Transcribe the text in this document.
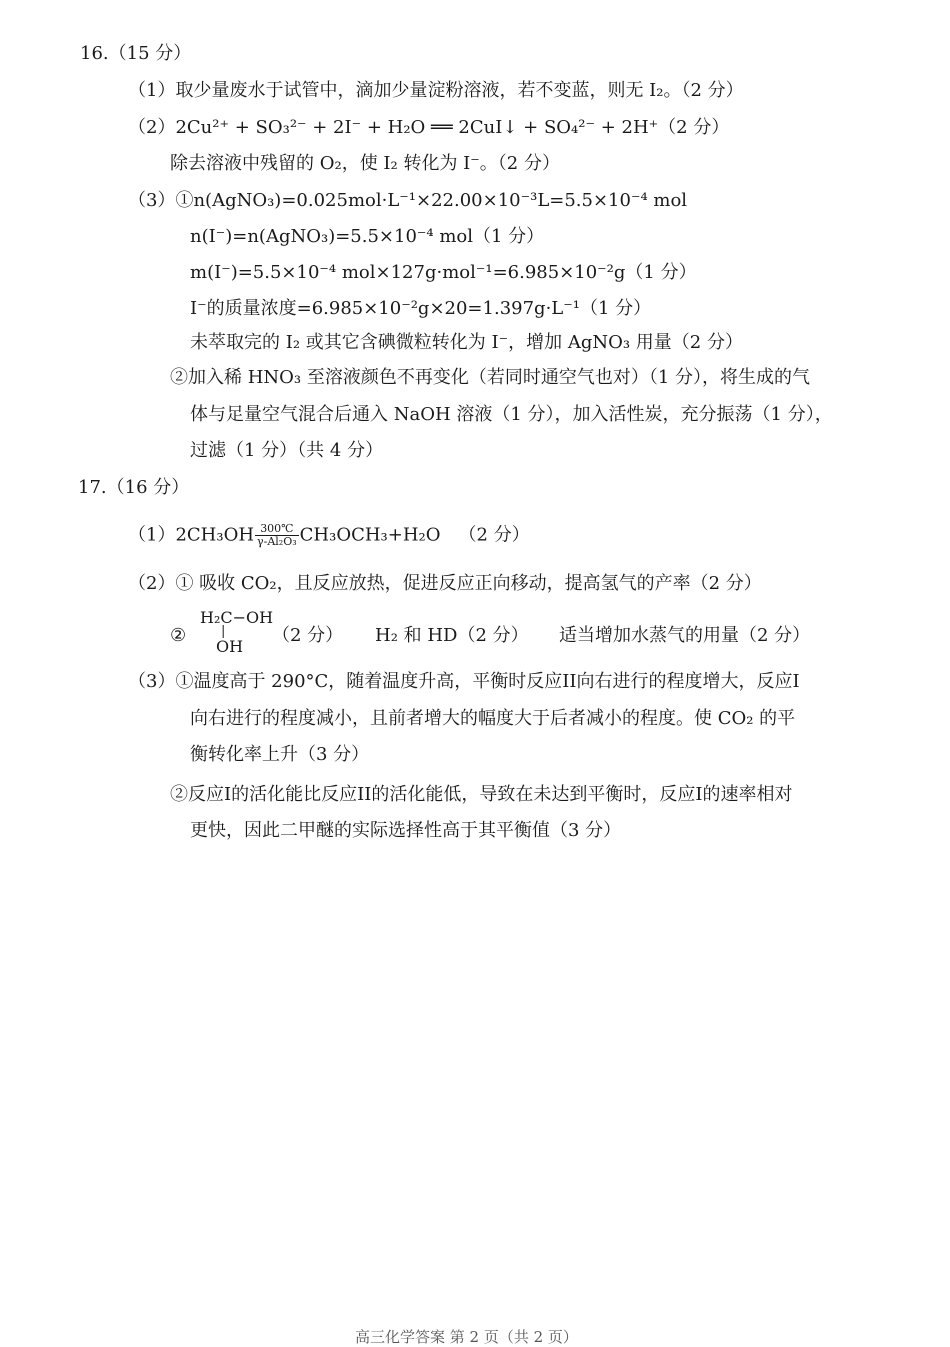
16.（15 分）
（1）取少量废水于试管中，滴加少量淀粉溶液，若不变蓝，则无 I₂。（2 分）
（2）2Cu²⁺ + SO₃²⁻ + 2I⁻ + H₂O ══ 2CuI↓ + SO₄²⁻ + 2H⁺（2 分）
除去溶液中残留的 O₂，使 I₂ 转化为 I⁻。（2 分）
（3）①n(AgNO₃)=0.025mol·L⁻¹×22.00×10⁻³L=5.5×10⁻⁴ mol
n(I⁻)=n(AgNO₃)=5.5×10⁻⁴ mol（1 分）
m(I⁻)=5.5×10⁻⁴ mol×127g·mol⁻¹=6.985×10⁻²g（1 分）
I⁻的质量浓度=6.985×10⁻²g×20=1.397g·L⁻¹（1 分）
未萃取完的 I₂ 或其它含碘微粒转化为 I⁻，增加 AgNO₃ 用量（2 分）
②加入稀 HNO₃ 至溶液颜色不再变化（若同时通空气也对）（1 分），将生成的气
体与足量空气混合后通入 NaOH 溶液（1 分），加入活性炭，充分振荡（1 分），
过滤（1 分）（共 4 分）
17.（16 分）
$(1)2CH_3OH \frac{300℃}{\text{γ-Al₂O₃}} CH_3OCH_3+H_2O$ （2 分）
（2）① 吸收 CO₂，且反应放热，促进反应正向移动，提高氢气的产率（2 分）
②
H₂C−OH
|
OH
（2 分） H₂ 和 HD（2 分） 适当增加水蒸气的用量（2 分）
（3）①温度高于 290°C，随着温度升高，平衡时反应II向右进行的程度增大，反应I
向右进行的程度减小，且前者增大的幅度大于后者减小的程度。使 CO₂ 的平
衡转化率上升（3 分）
②反应I的活化能比反应II的活化能低，导致在未达到平衡时，反应I的速率相对
更快，因此二甲醚的实际选择性高于其平衡值（3 分）
高三化学答案 第 2 页（共 2 页）
